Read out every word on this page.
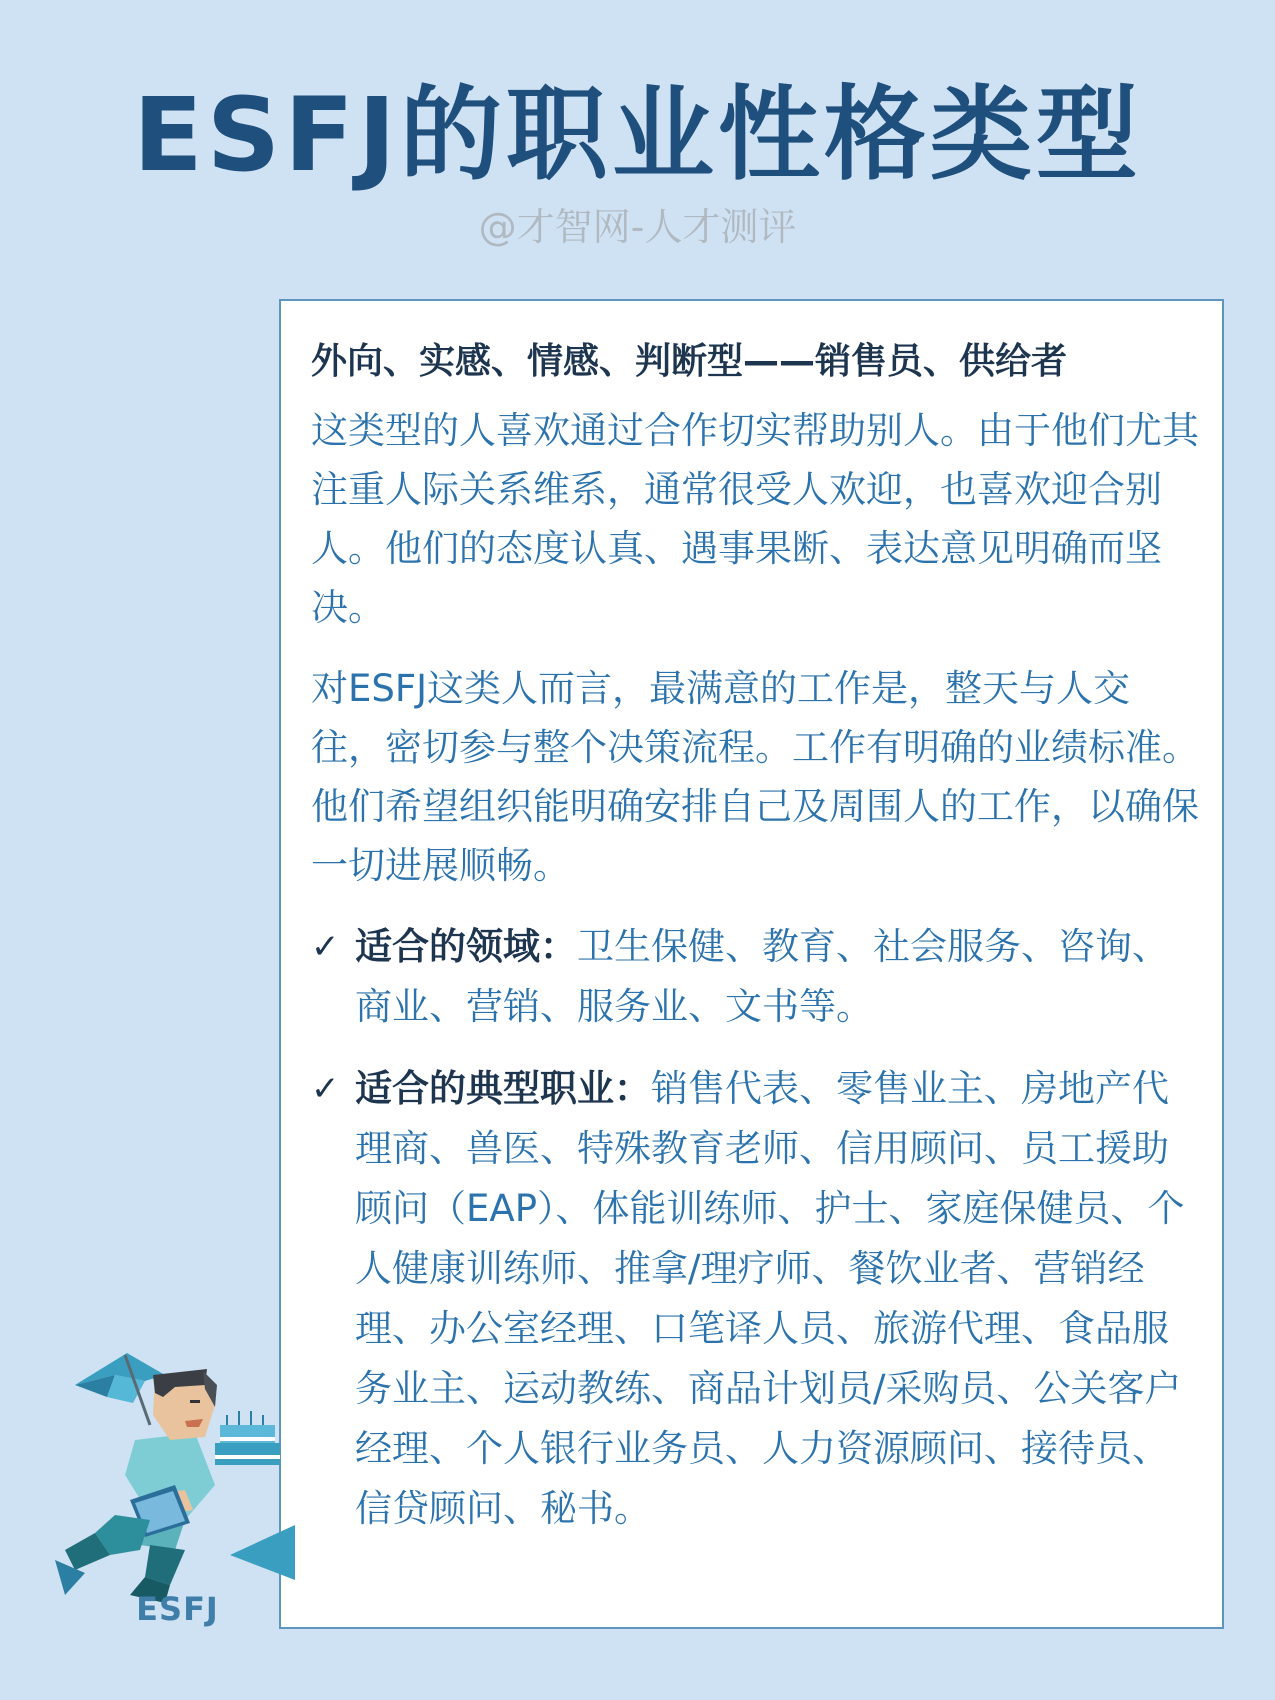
ESFJ的职业性格类型
@才智网-人才测评
外向、实感、情感、判断型——销售员、供给者
这类型的人喜欢通过合作切实帮助别人。由于他们尤其注重人际关系维系，通常很受人欢迎，也喜欢迎合别人。他们的态度认真、遇事果断、表达意见明确而坚决。
对ESFJ这类人而言，最满意的工作是，整天与人交往，密切参与整个决策流程。工作有明确的业绩标准。他们希望组织能明确安排自己及周围人的工作，以确保一切进展顺畅。
✓ 适合的领域：卫生保健、教育、社会服务、咨询、商业、营销、服务业、文书等。
✓ 适合的典型职业：销售代表、零售业主、房地产代理商、兽医、特殊教育老师、信用顾问、员工援助顾问（EAP）、体能训练师、护士、家庭保健员、个人健康训练师、推拿/理疗师、餐饮业者、营销经理、办公室经理、口笔译人员、旅游代理、食品服务业主、运动教练、商品计划员/采购员、公关客户经理、个人银行业务员、人力资源顾问、接待员、信贷顾问、秘书。
ESFJ
